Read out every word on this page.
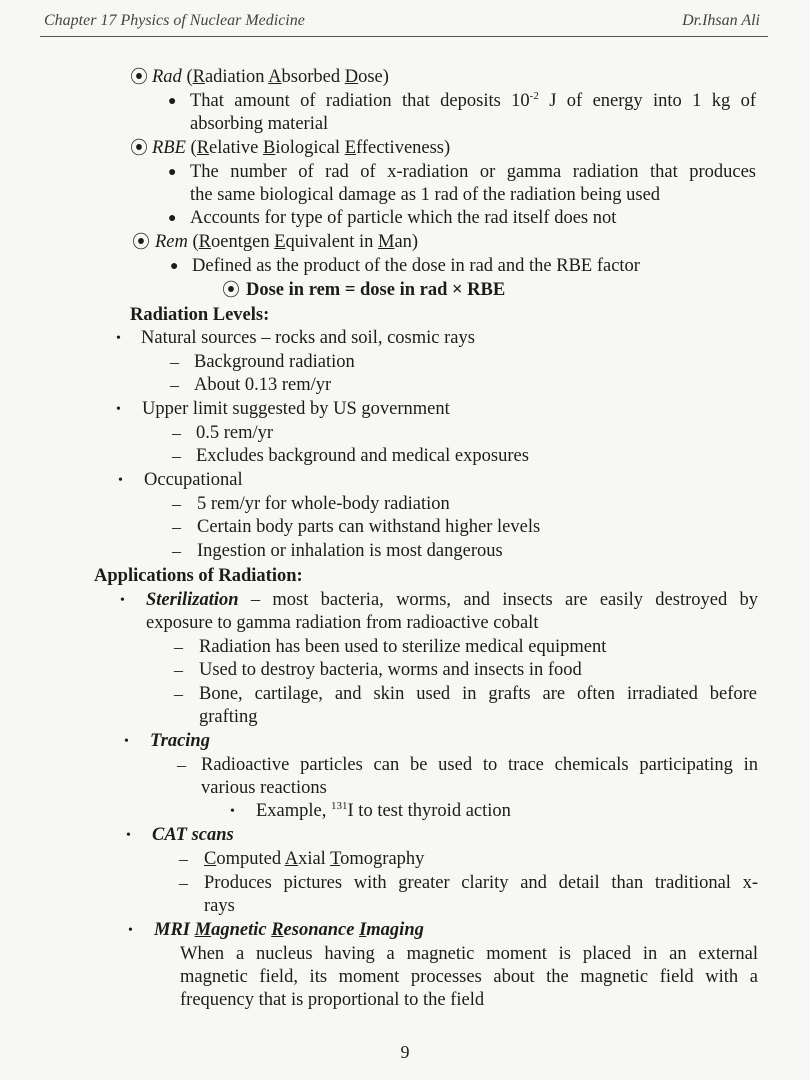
Chapter 17 Physics of Nuclear Medicine	Dr.Ihsan Ali
⦿ Rad (Radiation Absorbed Dose)
● That amount of radiation that deposits $10^{-2}$ J of energy into 1 kg of
absorbing material
⦿ RBE (Relative Biological Effectiveness)
● The number of rad of x-radiation or gamma radiation that produces
the same biological damage as 1 rad of the radiation being used
● Accounts for type of particle which the rad itself does not
⦿ Rem (Roentgen Equivalent in Man)
● Defined as the product of the dose in rad and the RBE factor
⦿ Dose in rem = dose in rad × RBE
Radiation Levels:
• Natural sources – rocks and soil, cosmic rays
– Background radiation
– About 0.13 rem/yr
• Upper limit suggested by US government
– 0.5 rem/yr
– Excludes background and medical exposures
• Occupational
– 5 rem/yr for whole-body radiation
– Certain body parts can withstand higher levels
– Ingestion or inhalation is most dangerous
Applications of Radiation:
• Sterilization – most bacteria, worms, and insects are easily destroyed by
exposure to gamma radiation from radioactive cobalt
– Radiation has been used to sterilize medical equipment
– Used to destroy bacteria, worms and insects in food
– Bone, cartilage, and skin used in grafts are often irradiated before
grafting
• Tracing
– Radioactive particles can be used to trace chemicals participating in
various reactions
• Example, $^{131}$I to test thyroid action
• CAT scans
– Computed Axial Tomography
– Produces pictures with greater clarity and detail than traditional x-
rays
• MRI Magnetic Resonance Imaging
When a nucleus having a magnetic moment is placed in an external
magnetic field, its moment processes about the magnetic field with a
frequency that is proportional to the field
9
